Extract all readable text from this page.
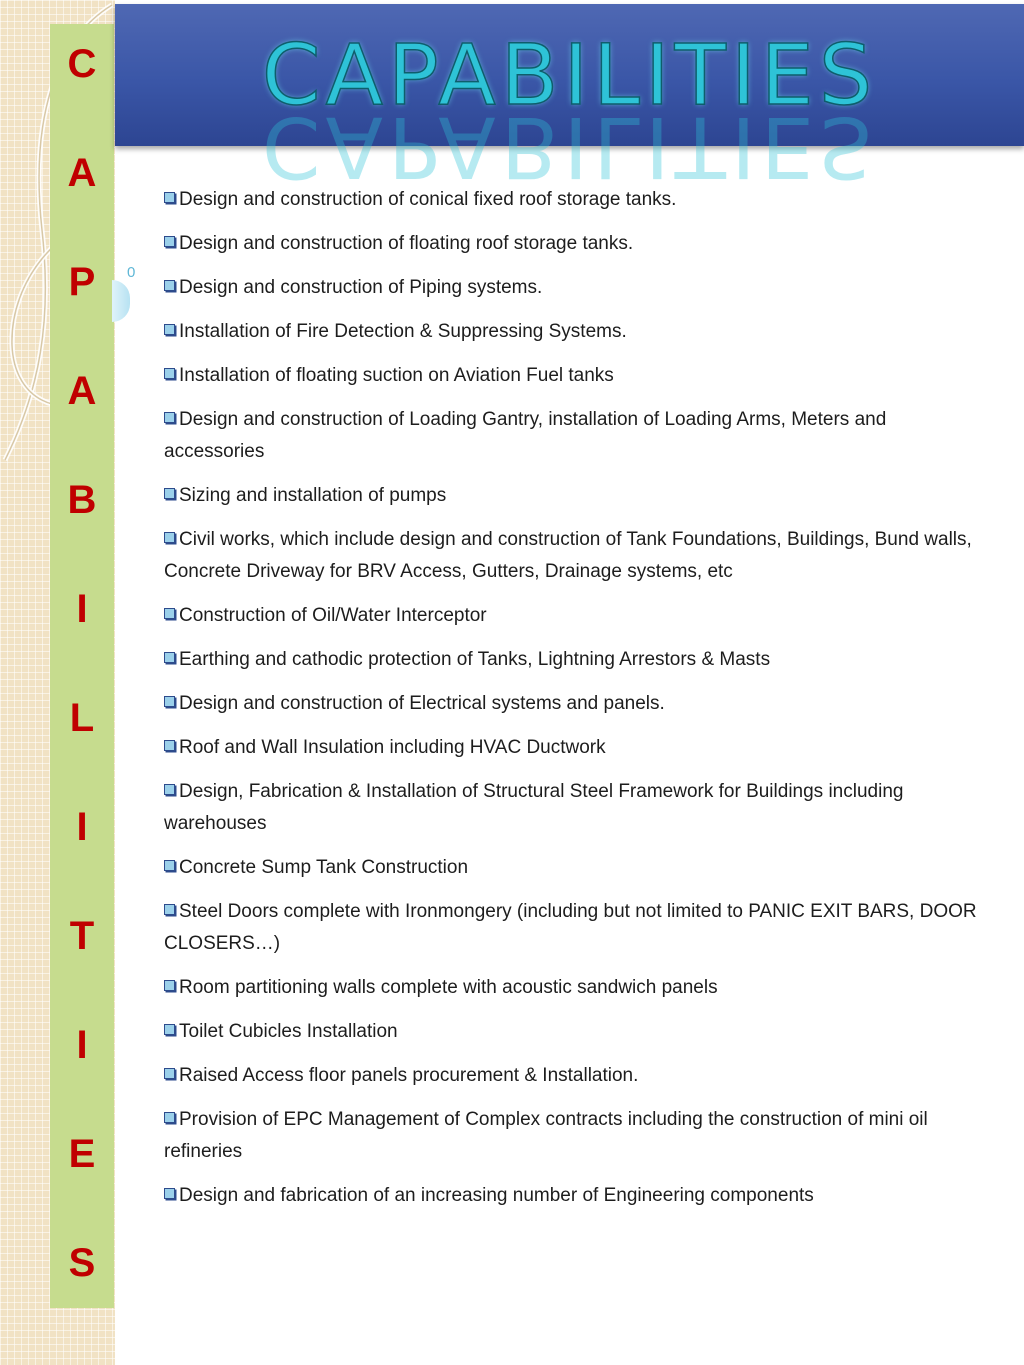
C
A
P
A
B
I
L
I
T
I
E
S
CAPABILITIES
CAPABILITIES
0
Design and construction of conical fixed roof storage tanks.
Design and construction of floating roof storage tanks.
Design and construction of Piping systems.
Installation of Fire Detection & Suppressing Systems.
Installation of floating suction on Aviation Fuel tanks
Design and construction of Loading Gantry, installation of Loading Arms, Meters and accessories
Sizing and installation of pumps
Civil works, which include design and construction of Tank Foundations, Buildings, Bund walls, Concrete Driveway for BRV Access, Gutters, Drainage systems, etc
Construction of Oil/Water Interceptor
Earthing and cathodic protection of Tanks, Lightning Arrestors & Masts
Design and construction of Electrical systems and panels.
Roof and Wall Insulation including HVAC Ductwork
Design, Fabrication & Installation of Structural Steel Framework for Buildings including warehouses
Concrete Sump Tank Construction
Steel Doors complete with Ironmongery (including but not limited to PANIC EXIT BARS, DOOR CLOSERS…)
Room partitioning walls complete with acoustic sandwich panels
Toilet Cubicles Installation
Raised Access floor panels procurement & Installation.
Provision of EPC Management of Complex contracts including the construction of mini oil refineries
Design and fabrication of an increasing number of Engineering components
